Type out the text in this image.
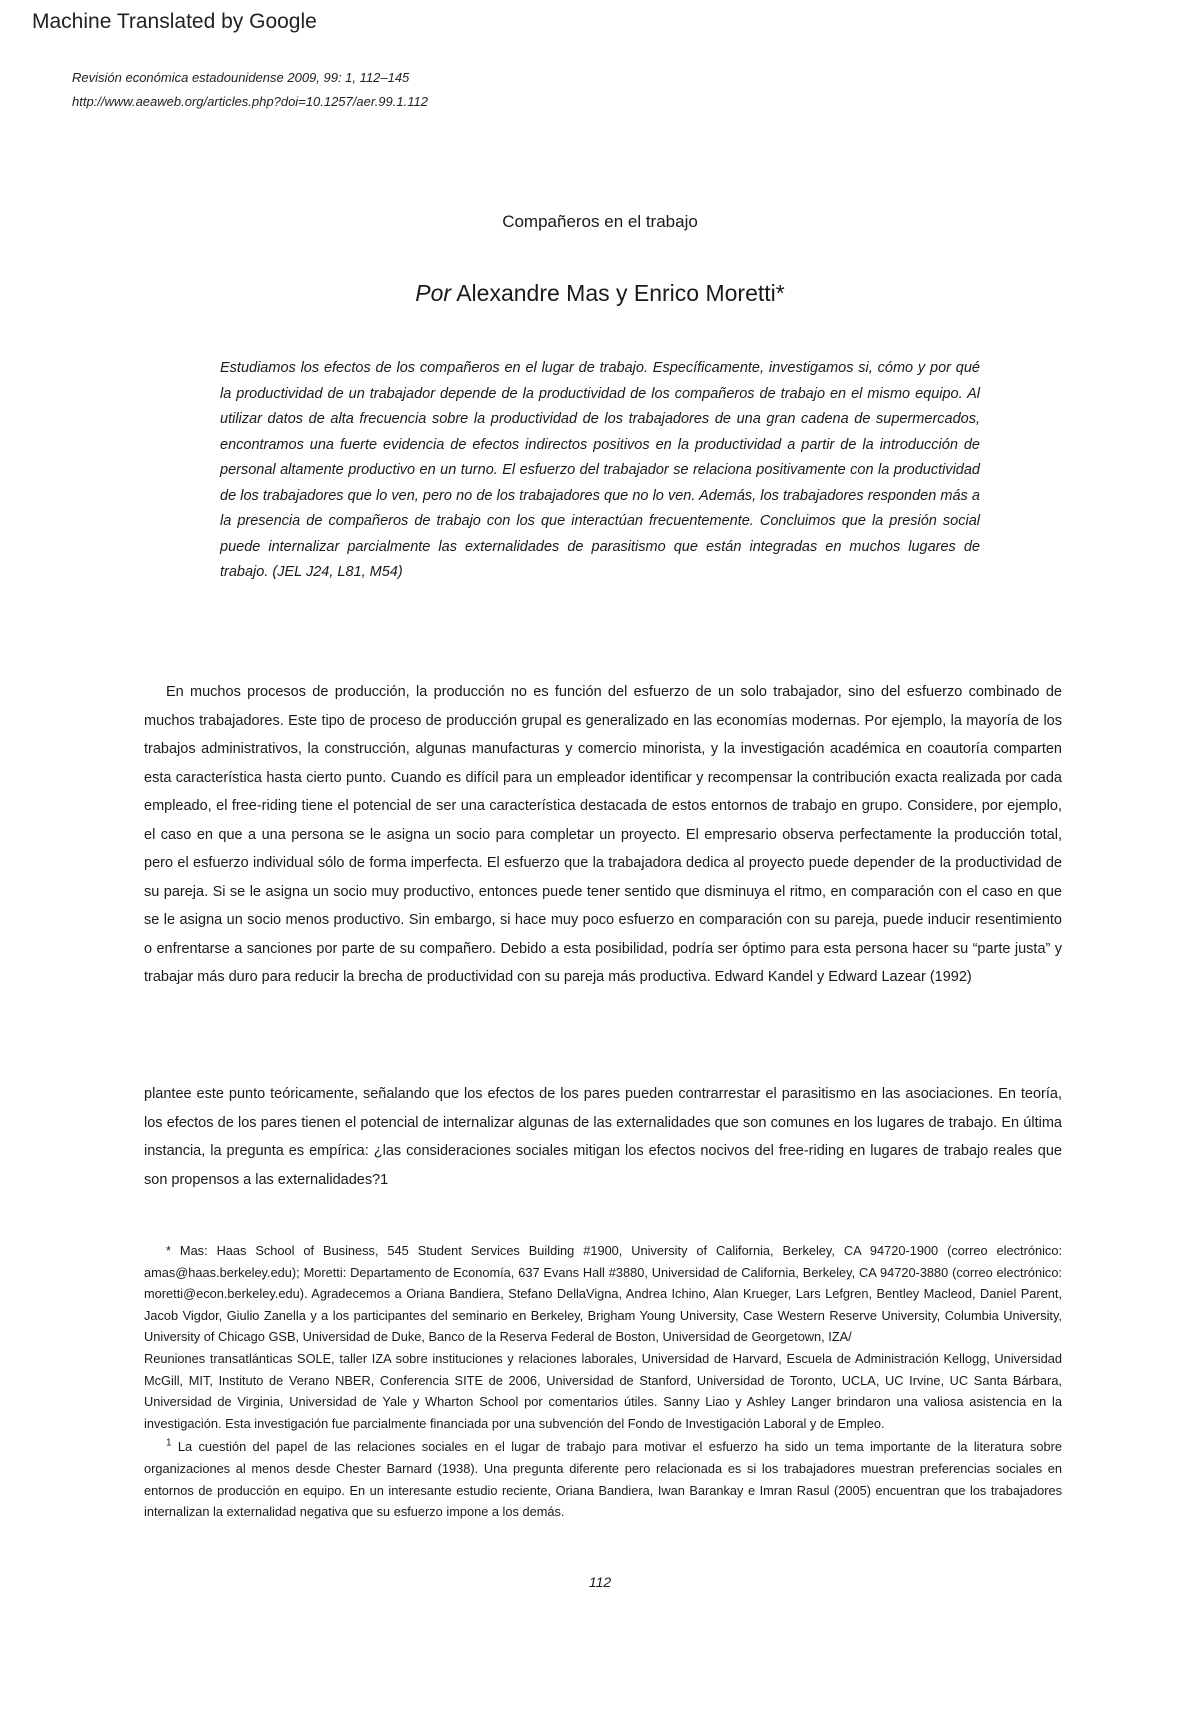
Machine Translated by Google
Revisión económica estadounidense 2009, 99: 1, 112–145
http://www.aeaweb.org/articles.php?doi=10.1257/aer.99.1.112
Compañeros en el trabajo
Por Alexandre Mas y Enrico Moretti*
Estudiamos los efectos de los compañeros en el lugar de trabajo. Específicamente, investigamos si, cómo y por qué la productividad de un trabajador depende de la productividad de los compañeros de trabajo en el mismo equipo. Al utilizar datos de alta frecuencia sobre la productividad de los trabajadores de una gran cadena de supermercados, encontramos una fuerte evidencia de efectos indirectos positivos en la productividad a partir de la introducción de personal altamente productivo en un turno. El esfuerzo del trabajador se relaciona positivamente con la productividad de los trabajadores que lo ven, pero no de los trabajadores que no lo ven. Además, los trabajadores responden más a la presencia de compañeros de trabajo con los que interactúan frecuentemente. Concluimos que la presión social puede internalizar parcialmente las externalidades de parasitismo que están integradas en muchos lugares de trabajo. (JEL J24, L81, M54)

En muchos procesos de producción, la producción no es función del esfuerzo de un solo trabajador, sino del esfuerzo combinado de muchos trabajadores. Este tipo de proceso de producción grupal es generalizado en las economías modernas. Por ejemplo, la mayoría de los trabajos administrativos, la construcción, algunas manufacturas y comercio minorista, y la investigación académica en coautoría comparten esta característica hasta cierto punto. Cuando es difícil para un empleador identificar y recompensar la contribución exacta realizada por cada empleado, el free-riding tiene el potencial de ser una característica destacada de estos entornos de trabajo en grupo. Considere, por ejemplo, el caso en que a una persona se le asigna un socio para completar un proyecto. El empresario observa perfectamente la producción total, pero el esfuerzo individual sólo de forma imperfecta. El esfuerzo que la trabajadora dedica al proyecto puede depender de la productividad de su pareja. Si se le asigna un socio muy productivo, entonces puede tener sentido que disminuya el ritmo, en comparación con el caso en que se le asigna un socio menos productivo. Sin embargo, si hace muy poco esfuerzo en comparación con su pareja, puede inducir resentimiento o enfrentarse a sanciones por parte de su compañero. Debido a esta posibilidad, podría ser óptimo para esta persona hacer su “parte justa” y trabajar más duro para reducir la brecha de productividad con su pareja más productiva. Edward Kandel y Edward Lazear (1992)

plantee este punto teóricamente, señalando que los efectos de los pares pueden contrarrestar el parasitismo en las asociaciones. En teoría, los efectos de los pares tienen el potencial de internalizar algunas de las externalidades que son comunes en los lugares de trabajo. En última instancia, la pregunta es empírica: ¿las consideraciones sociales mitigan los efectos nocivos del free-riding en lugares de trabajo reales que son propensos a las externalidades?1

* Mas: Haas School of Business, 545 Student Services Building #1900, University of California, Berkeley, CA 94720-1900 (correo electrónico: amas@haas.berkeley.edu); Moretti: Departamento de Economía, 637 Evans Hall #3880, Universidad de California, Berkeley, CA 94720-3880 (correo electrónico: moretti@econ.berkeley.edu). Agradecemos a Oriana Bandiera, Stefano DellaVigna, Andrea Ichino, Alan Krueger, Lars Lefgren, Bentley Macleod, Daniel Parent, Jacob Vigdor, Giulio Zanella y a los participantes del seminario en Berkeley, Brigham Young University, Case Western Reserve University, Columbia University, University of Chicago GSB, Universidad de Duke, Banco de la Reserva Federal de Boston, Universidad de Georgetown, IZA/

Reuniones transatlánticas SOLE, taller IZA sobre instituciones y relaciones laborales, Universidad de Harvard, Escuela de Administración Kellogg, Universidad McGill, MIT, Instituto de Verano NBER, Conferencia SITE de 2006, Universidad de Stanford, Universidad de Toronto, UCLA, UC Irvine, UC Santa Bárbara, Universidad de Virginia, Universidad de Yale y Wharton School por comentarios útiles. Sanny Liao y Ashley Langer brindaron una valiosa asistencia en la investigación. Esta investigación fue parcialmente financiada por una subvención del Fondo de Investigación Laboral y de Empleo.

$^1$ La cuestión del papel de las relaciones sociales en el lugar de trabajo para motivar el esfuerzo ha sido un tema importante de la literatura sobre organizaciones al menos desde Chester Barnard (1938). Una pregunta diferente pero relacionada es si los trabajadores muestran preferencias sociales en entornos de producción en equipo. En un interesante estudio reciente, Oriana Bandiera, Iwan Barankay e Imran Rasul (2005) encuentran que los trabajadores internalizan la externalidad negativa que su esfuerzo impone a los demás.

112
